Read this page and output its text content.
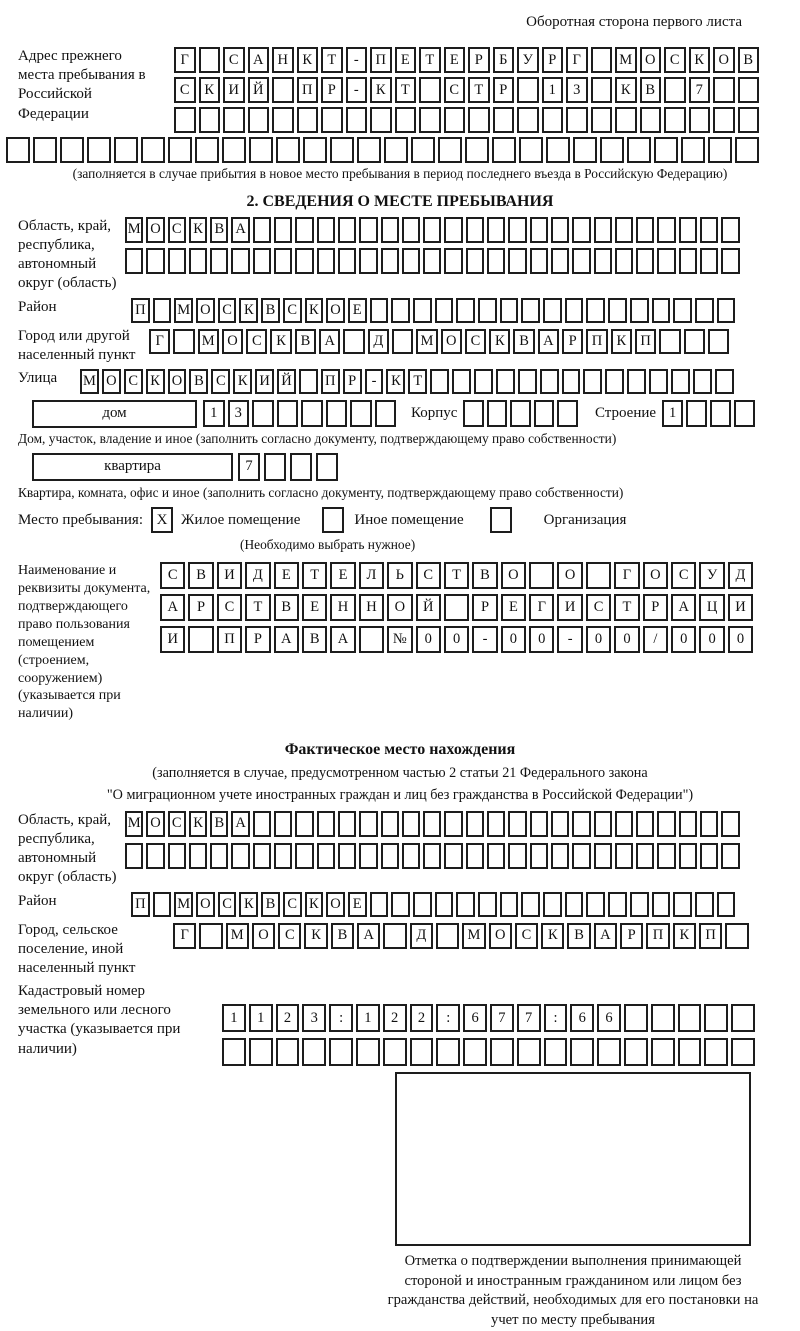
Оборотная сторона первого листа
Адрес прежнего места пребывания в Российской Федерации
Г	С А Н К	Т	-	П	Е	Т	Е	Р	Б	У	Р	Г	М О С	К О В
С	К И Й	П	Р	-	К	Т	С	Т	Р	1	3	К	В	7
(заполняется в случае прибытия в новое место пребывания в период последнего въезда в Российскую Федерацию)
2. СВЕДЕНИЯ О МЕСТЕ ПРЕБЫВАНИЯ
Область, край, республика, автономный округ (область)
М О С К В А
Район	П М О С К В С К О Е
Город или другой населенный пункт
Г	М О С	К	В А	Д	М О С	К	В А	Р	П К П
Улица	М О С К О В С К И Й П Р	-	К Т
дом	1	3	Корпус	Строение 1
Дом, участок, владение и иное (заполнить согласно документу, подтверждающему право собственности)
квартира	7
Квартира, комната, офис и иное (заполнить согласно документу, подтверждающему право собственности)
Место пребывания: X Жилое помещение	Иное помещение	Организация
(Необходимо выбрать нужное)
Наименование и реквизиты документа, подтверждающего право пользования помещением (строением, сооружением) (указывается при наличии)
С	В	И	Д	Е	Т	Е	Л	Ь	С	Т	В	О	О	Г	О	С	У	Д
А	Р	С	Т	В	Е	Н	Н	О	Й	Р	Е	Г	И	С	Т	Р	А	Ц	И
И	П	Р	А	В	А	№	0	0	-	0	0	-	0	0	/	0	0	0
Фактическое место нахождения
(заполняется в случае, предусмотренном частью 2 статьи 21 Федерального закона
"О миграционном учете иностранных граждан и лиц без гражданства в Российской Федерации")
Область, край, республика, автономный округ (область)
М О С К В А
Район	П М О С К В С К О Е
Город, сельское поселение, иной населенный пункт
Г	М	О	С	К	В	А	Д	М	О	С	К	В	А	Р	П	К	П
Кадастровый номер земельного или лесного участка (указывается при наличии)
1	1	2	3	:	1	2	2	:	6	7	7	:	6	6
Отметка о подтверждении выполнения принимающей стороной и иностранным гражданином или лицом без гражданства действий, необходимых для его постановки на учет по месту пребывания
